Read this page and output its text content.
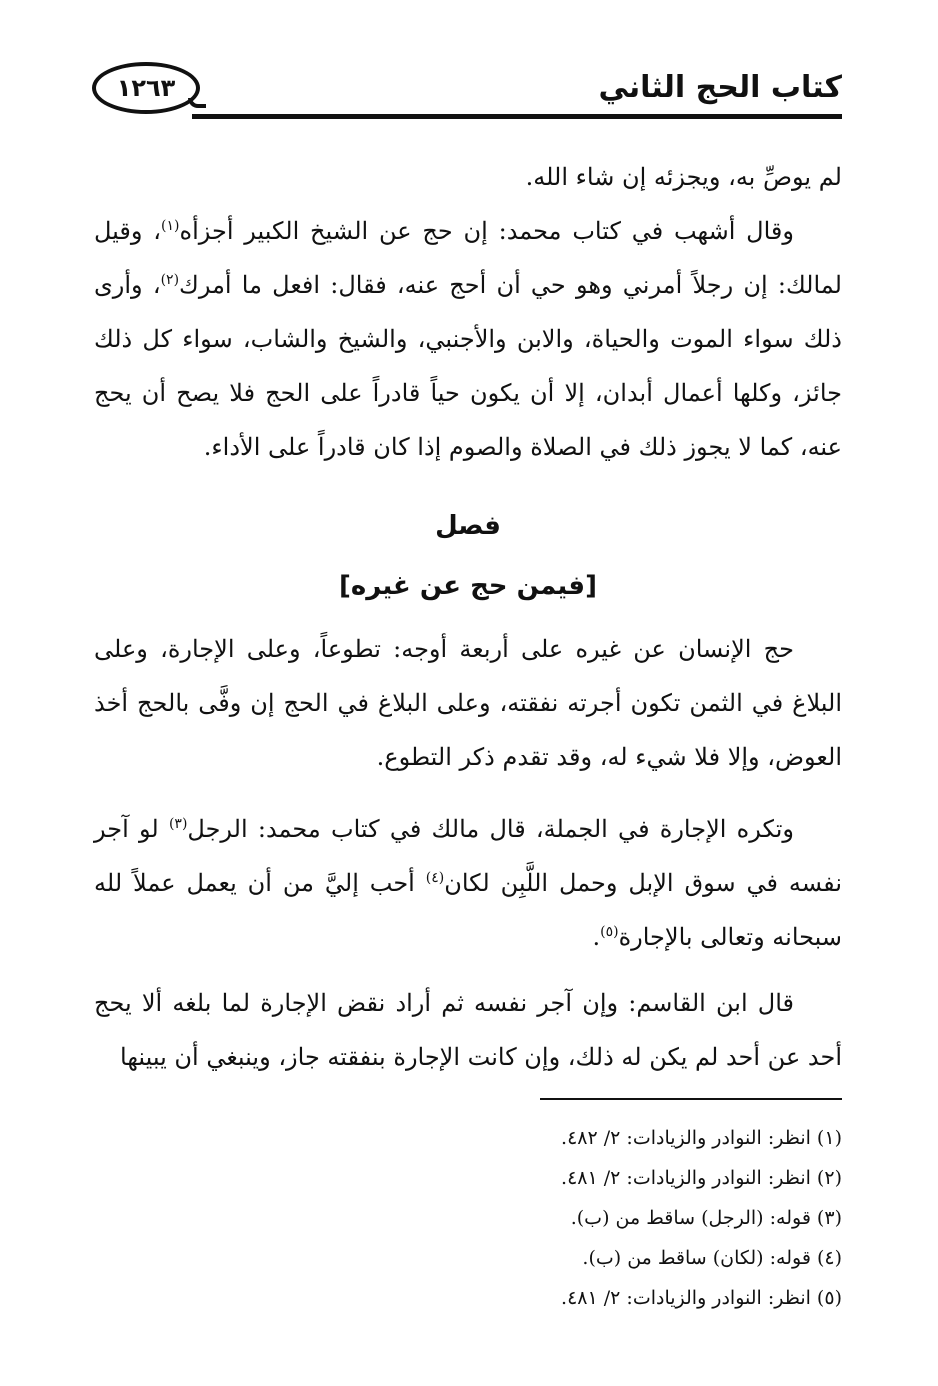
١٢٦٣	كتاب الحج الثاني

لم يوصِّ به، ويجزئه إن شاء الله.

وقال أشهب في كتاب محمد: إن حج عن الشيخ الكبير أجزأه$^{(١)}$، وقيل لمالك: إن رجلاً أمرني وهو حي أن أحج عنه، فقال: افعل ما أمرك$^{(٢)}$، وأرى ذلك سواء الموت والحياة، والابن والأجنبي، والشيخ والشاب، سواء كل ذلك جائز، وكلها أعمال أبدان، إلا أن يكون حياً قادراً على الحج فلا يصح أن يحج عنه، كما لا يجوز ذلك في الصلاة والصوم إذا كان قادراً على الأداء.

فصل
[فيمن حج عن غيره]

حج الإنسان عن غيره على أربعة أوجه: تطوعاً، وعلى الإجارة، وعلى البلاغ في الثمن تكون أجرته نفقته، وعلى البلاغ في الحج إن وفَّى بالحج أخذ العوض، وإلا فلا شيء له، وقد تقدم ذكر التطوع.

وتكره الإجارة في الجملة، قال مالك في كتاب محمد: الرجل$^{(٣)}$ لو آجر نفسه في سوق الإبل وحمل اللَّبِن لكان$^{(٤)}$ أحب إليَّ من أن يعمل عملاً لله سبحانه وتعالى بالإجارة$^{(٥)}$.

قال ابن القاسم: وإن آجر نفسه ثم أراد نقض الإجارة لما بلغه ألا يحج أحد عن أحد لم يكن له ذلك، وإن كانت الإجارة بنفقته جاز، وينبغي أن يبينها

(١) انظر: النوادر والزيادات: ٢/ ٤٨٢.

(٢) انظر: النوادر والزيادات: ٢/ ٤٨١.

(٣) قوله: (الرجل) ساقط من (ب).

(٤) قوله: (لكان) ساقط من (ب).

(٥) انظر: النوادر والزيادات: ٢/ ٤٨١.
